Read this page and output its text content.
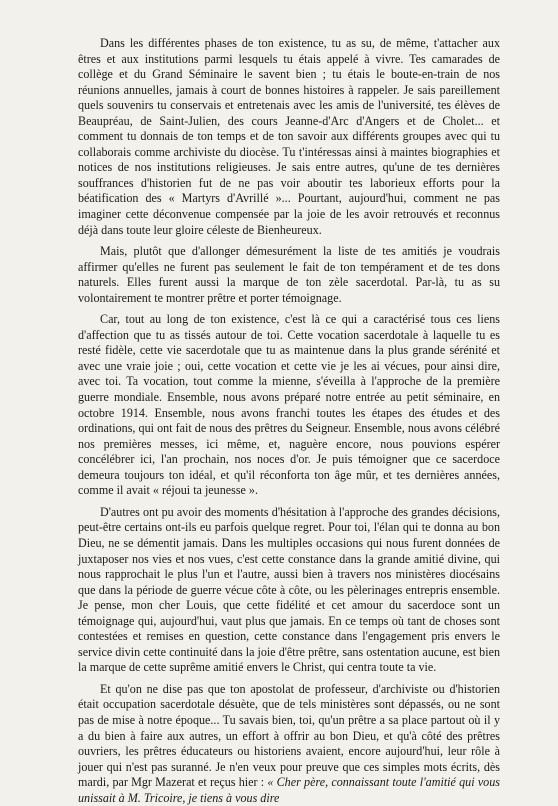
Dans les différentes phases de ton existence, tu as su, de même, t'attacher aux êtres et aux institutions parmi lesquels tu étais appelé à vivre. Tes camarades de collège et du Grand Séminaire le savent bien ; tu étais le boute-en-train de nos réunions annuelles, jamais à court de bonnes histoires à rappeler. Je sais pareillement quels souvenirs tu conservais et entretenais avec les amis de l'université, tes élèves de Beaupréau, de Saint-Julien, des cours Jeanne-d'Arc d'Angers et de Cholet... et comment tu donnais de ton temps et de ton savoir aux différents groupes avec qui tu collaborais comme archiviste du diocèse. Tu t'intéressas ainsi à maintes biographies et notices de nos institutions religieuses. Je sais entre autres, qu'une de tes dernières souffrances d'historien fut de ne pas voir aboutir tes laborieux efforts pour la béatification des « Martyrs d'Avrillé »... Pourtant, aujourd'hui, comment ne pas imaginer cette déconvenue compensée par la joie de les avoir retrouvés et reconnus déjà dans toute leur gloire céleste de Bienheureux.

Mais, plutôt que d'allonger démesurément la liste de tes amitiés je voudrais affirmer qu'elles ne furent pas seulement le fait de ton tempérament et de tes dons naturels. Elles furent aussi la marque de ton zèle sacerdotal. Par-là, tu as su volontairement te montrer prêtre et porter témoignage.

Car, tout au long de ton existence, c'est là ce qui a caractérisé tous ces liens d'affection que tu as tissés autour de toi. Cette vocation sacerdotale à laquelle tu es resté fidèle, cette vie sacerdotale que tu as maintenue dans la plus grande sérénité et avec une vraie joie ; oui, cette vocation et cette vie je les ai vécues, pour ainsi dire, avec toi. Ta vocation, tout comme la mienne, s'éveilla à l'approche de la première guerre mondiale. Ensemble, nous avons préparé notre entrée au petit séminaire, en octobre 1914. Ensemble, nous avons franchi toutes les étapes des études et des ordinations, qui ont fait de nous des prêtres du Seigneur. Ensemble, nous avons célébré nos premières messes, ici même, et, naguère encore, nous pouvions espérer concélébrer ici, l'an prochain, nos noces d'or. Je puis témoigner que ce sacerdoce demeura toujours ton idéal, et qu'il réconforta ton âge mûr, et tes dernières années, comme il avait « réjoui ta jeunesse ».

D'autres ont pu avoir des moments d'hésitation à l'approche des grandes décisions, peut-être certains ont-ils eu parfois quelque regret. Pour toi, l'élan qui te donna au bon Dieu, ne se démentit jamais. Dans les multiples occasions qui nous furent données de juxtaposer nos vies et nos vues, c'est cette constance dans la grande amitié divine, qui nous rapprochait le plus l'un et l'autre, aussi bien à travers nos ministères diocésains que dans la période de guerre vécue côte à côte, ou les pèlerinages entrepris ensemble. Je pense, mon cher Louis, que cette fidélité et cet amour du sacerdoce sont un témoignage qui, aujourd'hui, vaut plus que jamais. En ce temps où tant de choses sont contestées et remises en question, cette constance dans l'engagement pris envers le service divin cette continuité dans la joie d'être prêtre, sans ostentation aucune, est bien la marque de cette suprême amitié envers le Christ, qui centra toute ta vie.

Et qu'on ne dise pas que ton apostolat de professeur, d'archiviste ou d'historien était occupation sacerdotale désuète, que de tels ministères sont dépassés, ou ne sont pas de mise à notre époque... Tu savais bien, toi, qu'un prêtre a sa place partout où il y a du bien à faire aux autres, un effort à offrir au bon Dieu, et qu'à côté des prêtres ouvriers, les prêtres éducateurs ou historiens avaient, encore aujourd'hui, leur rôle à jouer qui n'est pas suranné. Je n'en veux pour preuve que ces simples mots écrits, dès mardi, par Mgr Mazerat et reçus hier : « Cher père, connaissant toute l'amitié qui vous unissait à M. Tricoire, je tiens à vous dire
